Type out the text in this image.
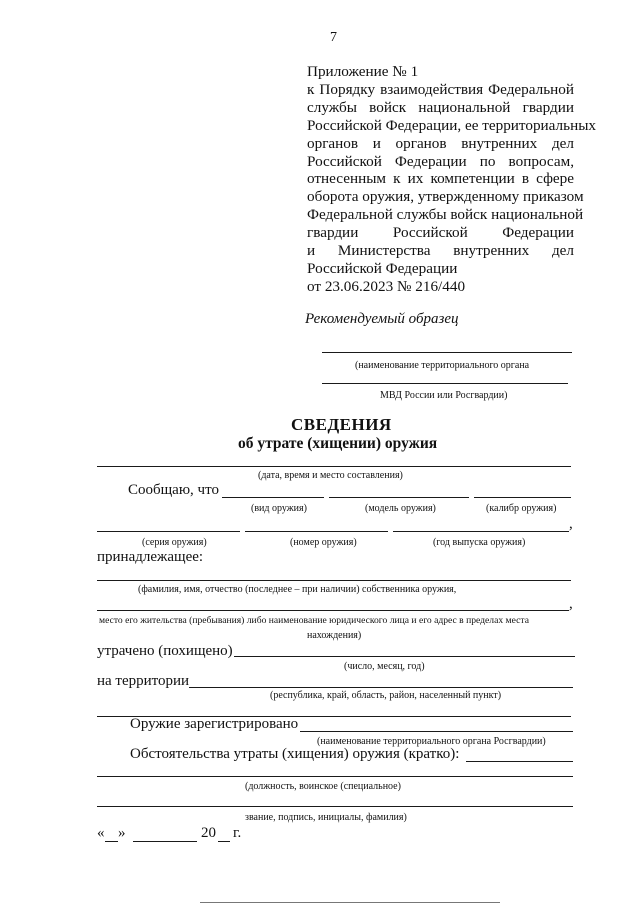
7
Приложение № 1
к Порядку взаимодействия Федеральной
службы войск национальной гвардии
Российской Федерации, ее территориальных
органов и органов внутренних дел
Российской Федерации по вопросам,
отнесенным к их компетенции в сфере
оборота оружия, утвержденному приказом
Федеральной службы войск национальной
гвардии Российской Федерации
и Министерства внутренних дел
Российской Федерации
от 23.06.2023 № 216/440
Рекомендуемый образец
(наименование территориального органа
МВД России или Росгвардии)
СВЕДЕНИЯ
об утрате (хищении) оружия
(дата, время и место составления)
Сообщаю, что
(вид оружия)	(модель оружия)	(калибр оружия)
,
(серия оружия)	(номер оружия)	(год выпуска оружия)
принадлежащее:
(фамилия, имя, отчество (последнее – при наличии) собственника оружия,
,
место его жительства (пребывания) либо наименование юридического лица и его адрес в пределах места
нахождения)
утрачено (похищено)
(число, месяц, год)
на территории
(республика, край, область, район, населенный пункт)
Оружие зарегистрировано
(наименование территориального органа Росгвардии)
Обстоятельства утраты (хищения) оружия (кратко):
(должность, воинское (специальное)
звание, подпись, инициалы, фамилия)
« »	20 г.
